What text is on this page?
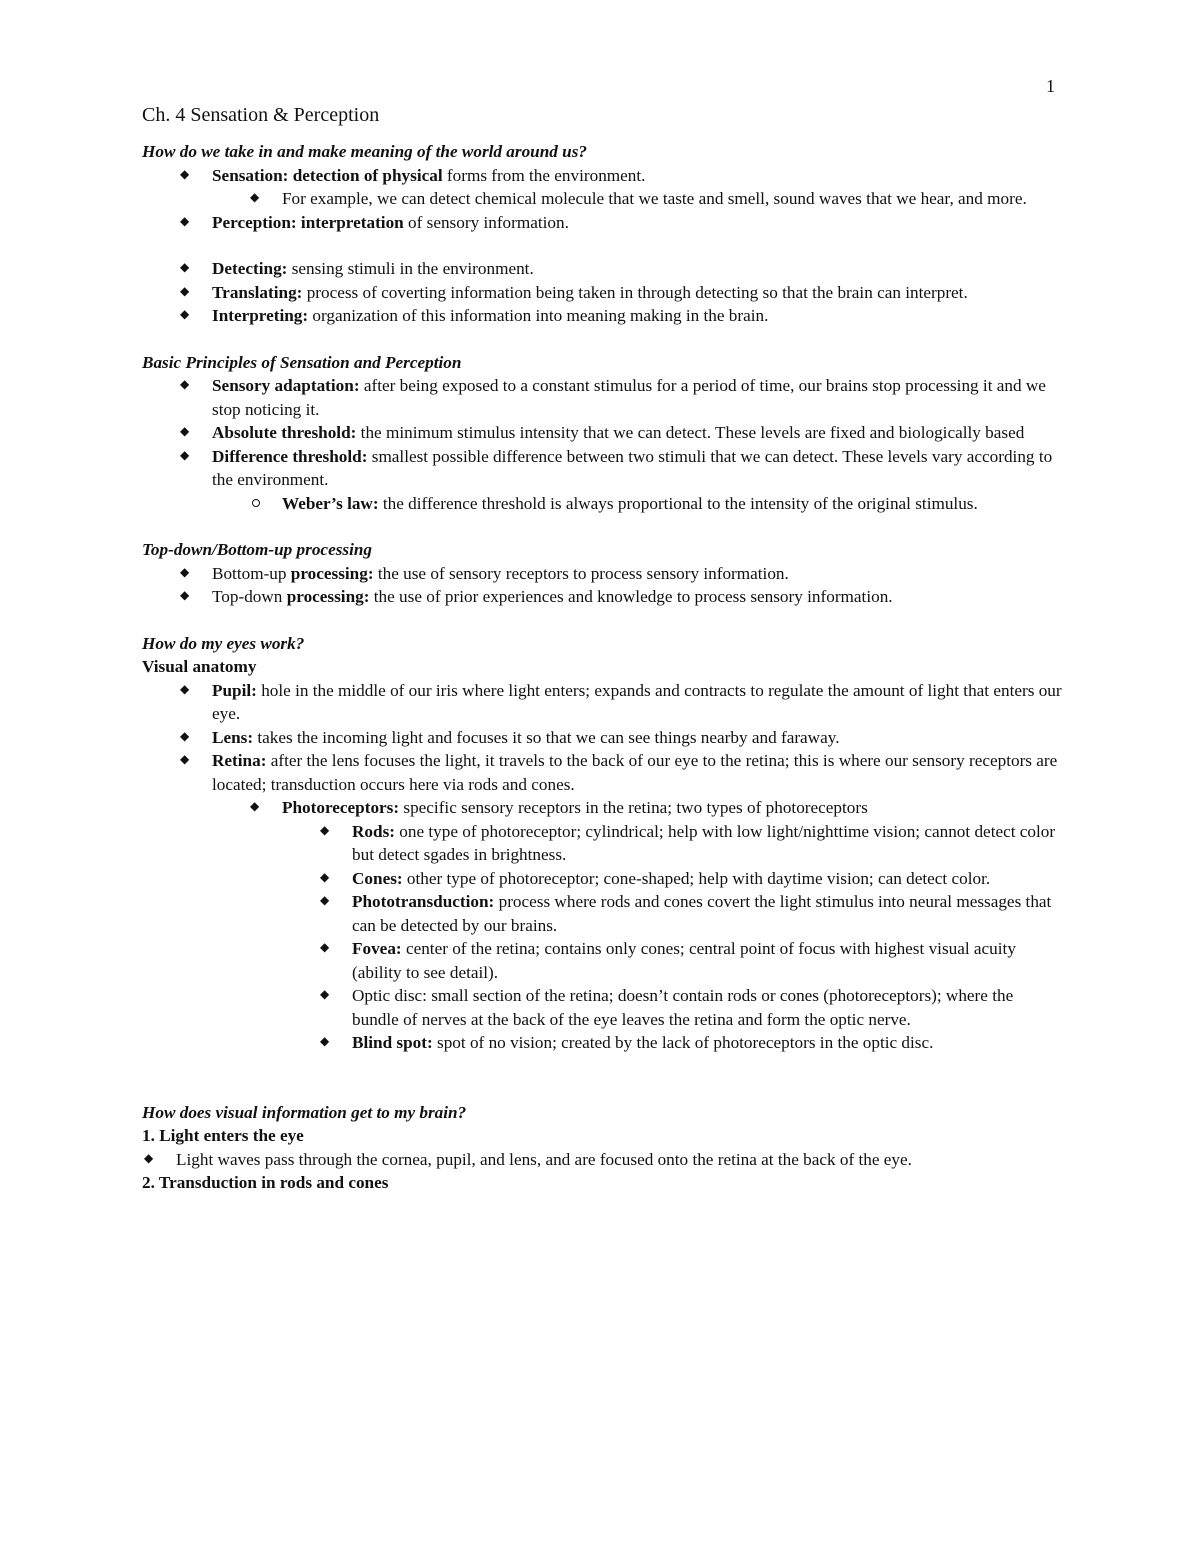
1
Ch. 4 Sensation & Perception
How do we take in and make meaning of the world around us?
◆ Sensation: detection of physical forms from the environment.
◆ For example, we can detect chemical molecule that we taste and smell, sound waves that we hear, and more.
◆ Perception: interpretation of sensory information.
◆ Detecting: sensing stimuli in the environment.
◆ Translating: process of coverting information being taken in through detecting so that the brain can interpret.
◆ Interpreting: organization of this information into meaning making in the brain.
Basic Principles of Sensation and Perception
◆ Sensory adaptation: after being exposed to a constant stimulus for a period of time, our brains stop processing it and we stop noticing it.
◆ Absolute threshold: the minimum stimulus intensity that we can detect. These levels are fixed and biologically based
◆ Difference threshold: smallest possible difference between two stimuli that we can detect. These levels vary according to the environment.
Weber’s law: the difference threshold is always proportional to the intensity of the original stimulus.
Top-down/Bottom-up processing
◆ Bottom-up processing: the use of sensory receptors to process sensory information.
◆ Top-down processing: the use of prior experiences and knowledge to process sensory information.
How do my eyes work?
Visual anatomy
◆ Pupil: hole in the middle of our iris where light enters; expands and contracts to regulate the amount of light that enters our eye.
◆ Lens: takes the incoming light and focuses it so that we can see things nearby and faraway.
◆ Retina: after the lens focuses the light, it travels to the back of our eye to the retina; this is where our sensory receptors are located; transduction occurs here via rods and cones.
◆ Photoreceptors: specific sensory receptors in the retina; two types of photoreceptors
◆ Rods: one type of photoreceptor; cylindrical; help with low light/nighttime vision; cannot detect color but detect sgades in brightness.
◆ Cones: other type of photoreceptor; cone-shaped; help with daytime vision; can detect color.
◆ Phototransduction: process where rods and cones covert the light stimulus into neural messages that can be detected by our brains.
◆ Fovea: center of the retina; contains only cones; central point of focus with highest visual acuity (ability to see detail).
◆ Optic disc: small section of the retina; doesn’t contain rods or cones (photoreceptors); where the bundle of nerves at the back of the eye leaves the retina and form the optic nerve.
◆ Blind spot: spot of no vision; created by the lack of photoreceptors in the optic disc.
How does visual information get to my brain?
1. Light enters the eye
◆ Light waves pass through the cornea, pupil, and lens, and are focused onto the retina at the back of the eye.
2. Transduction in rods and cones
